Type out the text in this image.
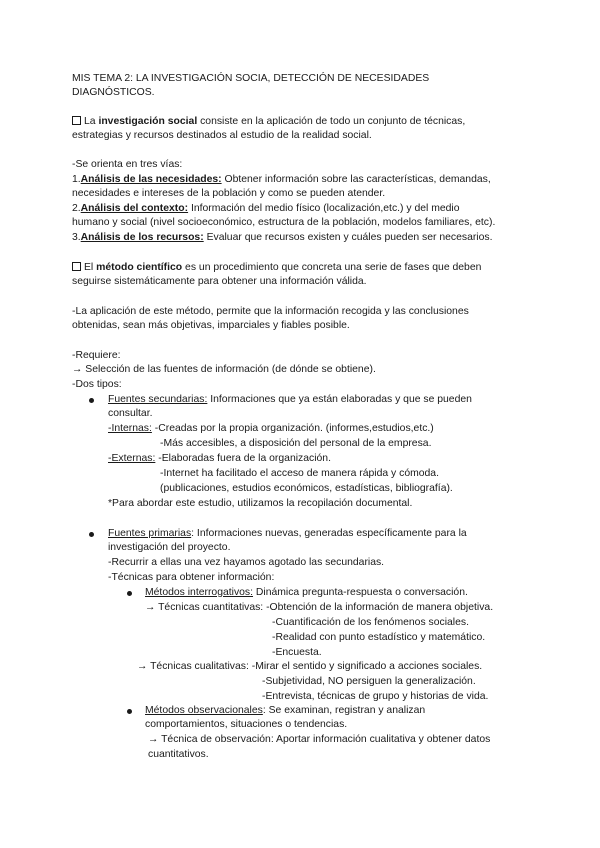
MIS TEMA 2: LA INVESTIGACIÓN SOCIA, DETECCIÓN DE NECESIDADES
DIAGNÓSTICOS.
La investigación social consiste en la aplicación de todo un conjunto de técnicas,
estrategias y recursos destinados al estudio de la realidad social.
-Se orienta en tres vías:
1.Análisis de las necesidades: Obtener información sobre las características, demandas,
necesidades e intereses de la población y como se pueden atender.
2.Análisis del contexto: Información del medio físico (localización,etc.) y del medio
humano y social (nivel socioeconómico, estructura de la población, modelos familiares, etc).
3.Análisis de los recursos: Evaluar que recursos existen y cuáles pueden ser necesarios.
El método científico es un procedimiento que concreta una serie de fases que deben
seguirse sistemáticamente para obtener una información válida.
-La aplicación de este método, permite que la información recogida y las conclusiones
obtenidas, sean más objetivas, imparciales y fiables posible.
-Requiere:
→ Selección de las fuentes de información (de dónde se obtiene).
-Dos tipos:
Fuentes secundarias: Informaciones que ya están elaboradas y que se pueden
consultar.
-Internas: -Creadas por la propia organización. (informes,estudios,etc.)
-Más accesibles, a disposición del personal de la empresa.
-Externas: -Elaboradas fuera de la organización.
-Internet ha facilitado el acceso de manera rápida y cómoda.
(publicaciones, estudios económicos, estadísticas, bibliografía).
*Para abordar este estudio, utilizamos la recopilación documental.
Fuentes primarias: Informaciones nuevas, generadas específicamente para la
investigación del proyecto.
-Recurrir a ellas una vez hayamos agotado las secundarias.
-Técnicas para obtener información:
Métodos interrogativos: Dinámica pregunta-respuesta o conversación.
→ Técnicas cuantitativas: -Obtención de la información de manera objetiva.
-Cuantificación de los fenómenos sociales.
-Realidad con punto estadístico y matemático.
-Encuesta.
→ Técnicas cualitativas: -Mirar el sentido y significado a acciones sociales.
-Subjetividad, NO persiguen la generalización.
-Entrevista, técnicas de grupo y historias de vida.
Métodos observacionales: Se examinan, registran y analizan
comportamientos, situaciones o tendencias.
→ Técnica de observación: Aportar información cualitativa y obtener datos
cuantitativos.
